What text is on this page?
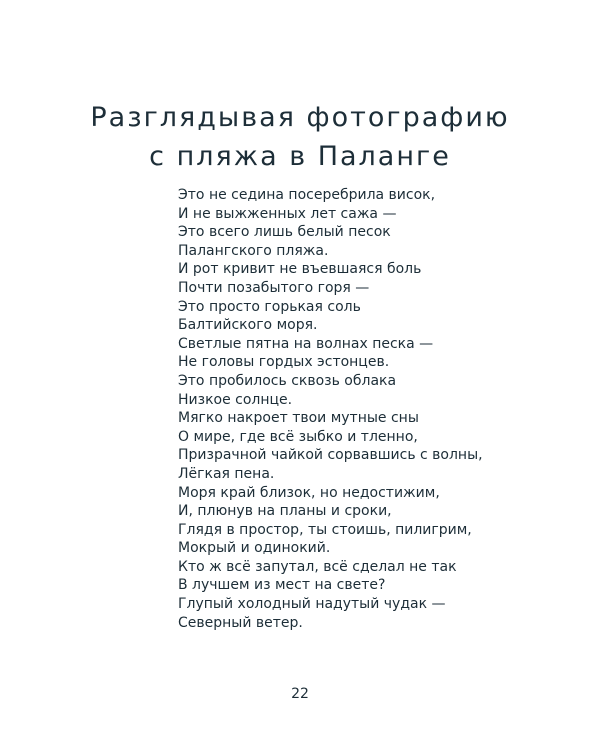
Разглядывая фотографию
с пляжа в Паланге
Это не седина посеребрила висок,
И не выжженных лет сажа —
Это всего лишь белый песок
Палангского пляжа.
И рот кривит не въевшаяся боль
Почти позабытого горя —
Это просто горькая соль
Балтийского моря.
Светлые пятна на волнах песка —
Не головы гордых эстонцев.
Это пробилось сквозь облака
Низкое солнце.
Мягко накроет твои мутные сны
О мире, где всё зыбко и тленно,
Призрачной чайкой сорвавшись с волны,
Лёгкая пена.
Моря край близок, но недостижим,
И, плюнув на планы и сроки,
Глядя в простор, ты стоишь, пилигрим,
Мокрый и одинокий.
Кто ж всё запутал, всё сделал не так
В лучшем из мест на свете?
Глупый холодный надутый чудак —
Северный ветер.
22
